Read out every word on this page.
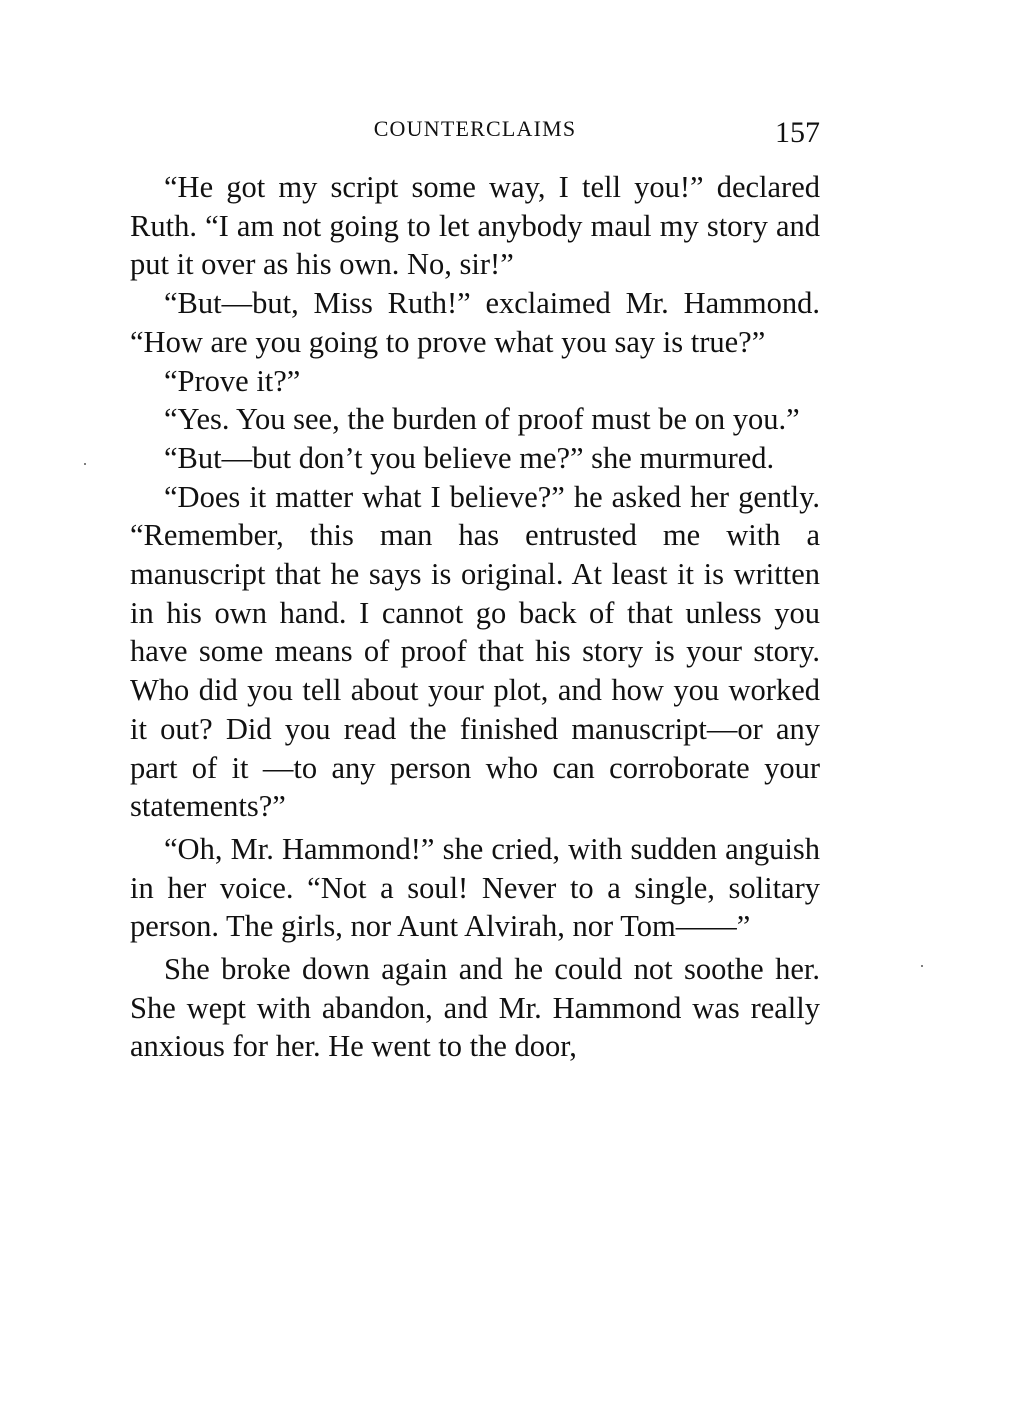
COUNTERCLAIMS	157

“He got my script some way, I tell you!” declared Ruth. “I am not going to let anybody maul my story and put it over as his own. No, sir!”

“But—but, Miss Ruth!” exclaimed Mr. Hammond. “How are you going to prove what you say is true?”

“Prove it?”

“Yes. You see, the burden of proof must be on you.”

“But—but don’t you believe me?” she murmured.

“Does it matter what I believe?” he asked her gently. “Remember, this man has entrusted me with a manuscript that he says is original. At least it is written in his own hand. I cannot go back of that unless you have some means of proof that his story is your story. Who did you tell about your plot, and how you worked it out? Did you read the finished manuscript—or any part of it —to any person who can corroborate your statements?”

“Oh, Mr. Hammond!” she cried, with sudden anguish in her voice. “Not a soul! Never to a single, solitary person. The girls, nor Aunt Alvirah, nor Tom——”

She broke down again and he could not soothe her. She wept with abandon, and Mr. Hammond was really anxious for her. He went to the door,
